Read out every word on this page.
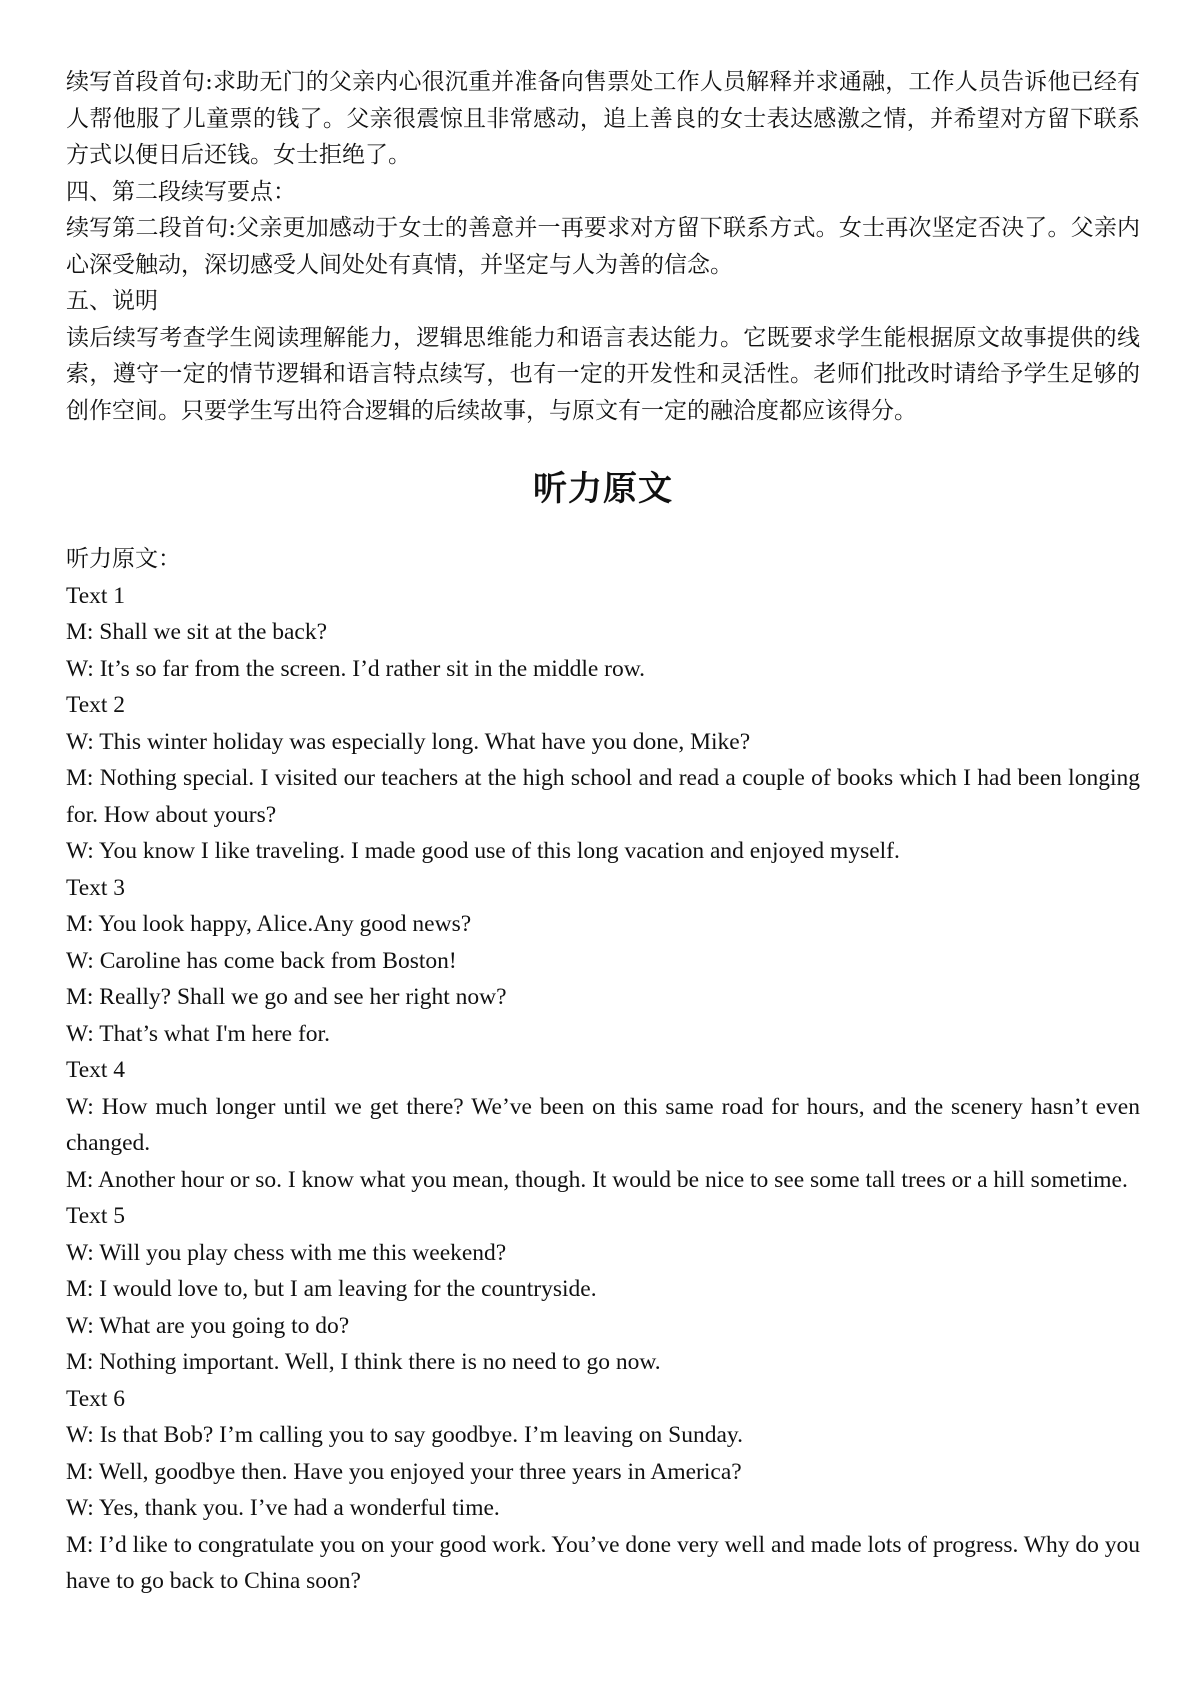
续写首段首句:求助无门的父亲内心很沉重并准备向售票处工作人员解释并求通融，工作人员告诉他已经有人帮他服了儿童票的钱了。父亲很震惊且非常感动，追上善良的女士表达感激之情，并希望对方留下联系方式以便日后还钱。女士拒绝了。

四、第二段续写要点：

续写第二段首句:父亲更加感动于女士的善意并一再要求对方留下联系方式。女士再次坚定否决了。父亲内心深受触动，深切感受人间处处有真情，并坚定与人为善的信念。

五、说明

读后续写考查学生阅读理解能力，逻辑思维能力和语言表达能力。它既要求学生能根据原文故事提供的线索，遵守一定的情节逻辑和语言特点续写，也有一定的开发性和灵活性。老师们批改时请给予学生足够的创作空间。只要学生写出符合逻辑的后续故事，与原文有一定的融洽度都应该得分。

听力原文

听力原文：

Text 1

M: Shall we sit at the back?

W: It’s so far from the screen. I’d rather sit in the middle row.

Text 2

W: This winter holiday was especially long. What have you done, Mike?

M: Nothing special. I visited our teachers at the high school and read a couple of books which I had been longing for. How about yours?

W: You know I like traveling. I made good use of this long vacation and enjoyed myself.

Text 3

M: You look happy, Alice.Any good news?

W: Caroline has come back from Boston!

M: Really? Shall we go and see her right now?

W: That’s what I'm here for.

Text 4

W: How much longer until we get there? We’ve been on this same road for hours, and the scenery hasn’t even changed.

M: Another hour or so. I know what you mean, though. It would be nice to see some tall trees or a hill sometime.

Text 5

W: Will you play chess with me this weekend?

M: I would love to, but I am leaving for the countryside.

W: What are you going to do?

M: Nothing important. Well, I think there is no need to go now.

Text 6

W: Is that Bob? I’m calling you to say goodbye. I’m leaving on Sunday.

M: Well, goodbye then. Have you enjoyed your three years in America?

W: Yes, thank you. I’ve had a wonderful time.

M: I’d like to congratulate you on your good work. You’ve done very well and made lots of progress. Why do you have to go back to China soon?
